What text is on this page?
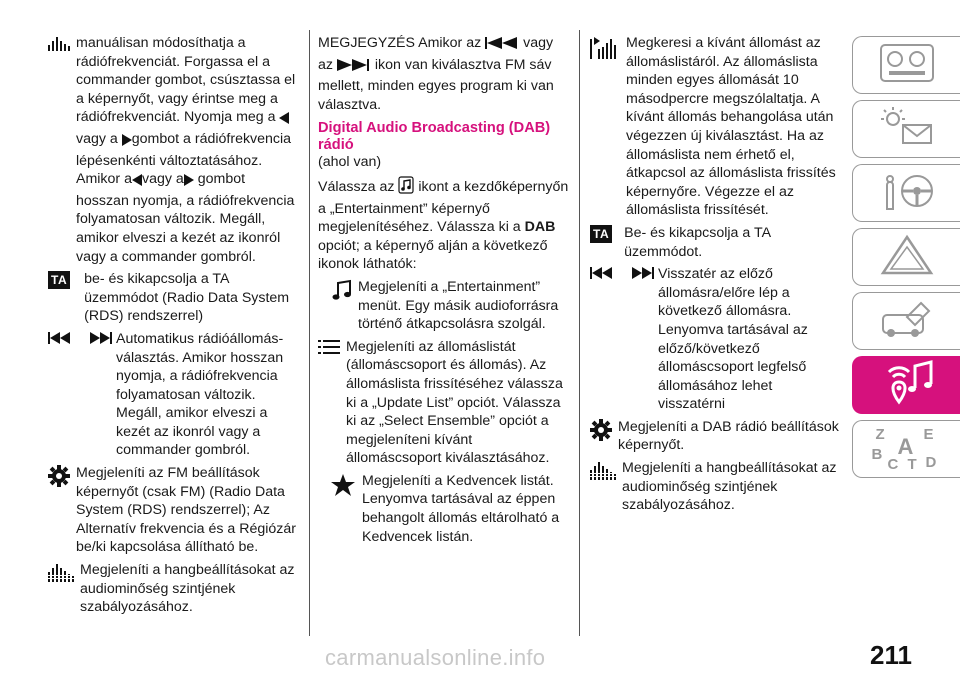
manuálisan módosíthatja a rádiófrekvenciát. Forgassa el a commander gombot, csúsztassa el a képernyőt, vagy érintse meg a rádiófrekvenciát. Nyomja meg a vagy a gombot a rádiófrekvencia lépésenkénti változtatásához. Amikor a vagy a gombot hosszan nyomja, a rádiófrekvencia folyamatosan változik. Megáll, amikor elveszi a kezét az ikonról vagy a commander gombról.
TA	be- és kikapcsolja a TA üzemmódot (Radio Data System (RDS) rendszerrel)
Automatikus rádióállomás-választás. Amikor hosszan nyomja, a rádiófrekvencia folyamatosan változik. Megáll, amikor elveszi a kezét az ikonról vagy a commander gombról.
Megjeleníti az FM beállítások képernyőt (csak FM) (Radio Data System (RDS) rendszerrel); Az Alternatív frekvencia és a Régiózár be/ki kapcsolása állítható be.
Megjeleníti a hangbeállításokat az audiominőség szintjének szabályozásához.

MEGJEGYZÉS Amikor az	vagy az	ikon van kiválasztva FM sáv mellett, minden egyes program ki van választva.

Digital Audio Broadcasting (DAB) rádió

(ahol van)

Válassza az ikont a kezdőképernyőn a „Entertainment” képernyő megjelenítéséhez. Válassza ki a DAB opciót; a képernyő alján a következő ikonok láthatók:

Megjeleníti a „Entertainment” menüt. Egy másik audioforrásra történő átkapcsolásra szolgál.
Megjeleníti az állomáslistát (állomáscsoport és állomás). Az állomáslista frissítéséhez válassza ki a „Update List” opciót. Válassza ki az „Select Ensemble” opciót a megjeleníteni kívánt állomáscsoport kiválasztásához.
Megjeleníti a Kedvencek listát. Lenyomva tartásával az éppen behangolt állomás eltárolható a Kedvencek listán.
Megkeresi a kívánt állomást az állomáslistáról. Az állomáslista minden egyes állomását 10 másodpercre megszólaltatja. A kívánt állomás behangolása után végezzen új kiválasztást. Ha az állomáslista nem érhető el, átkapcsol az állomáslista frissítés képernyőre. Végezze el az állomáslista frissítését.
TA	Be- és kikapcsolja a TA üzemmódot.
Visszatér az előző állomásra/előre lép a következő állomásra. Lenyomva tartásával az előző/következő állomáscsoport legfelső állomásához lehet visszatérni
Megjeleníti a DAB rádió beállítások képernyőt.
Megjeleníti a hangbeállításokat az audiominőség szintjének szabályozásához.
Z	E
A
B
C T D
carmanualsonline.info	211
